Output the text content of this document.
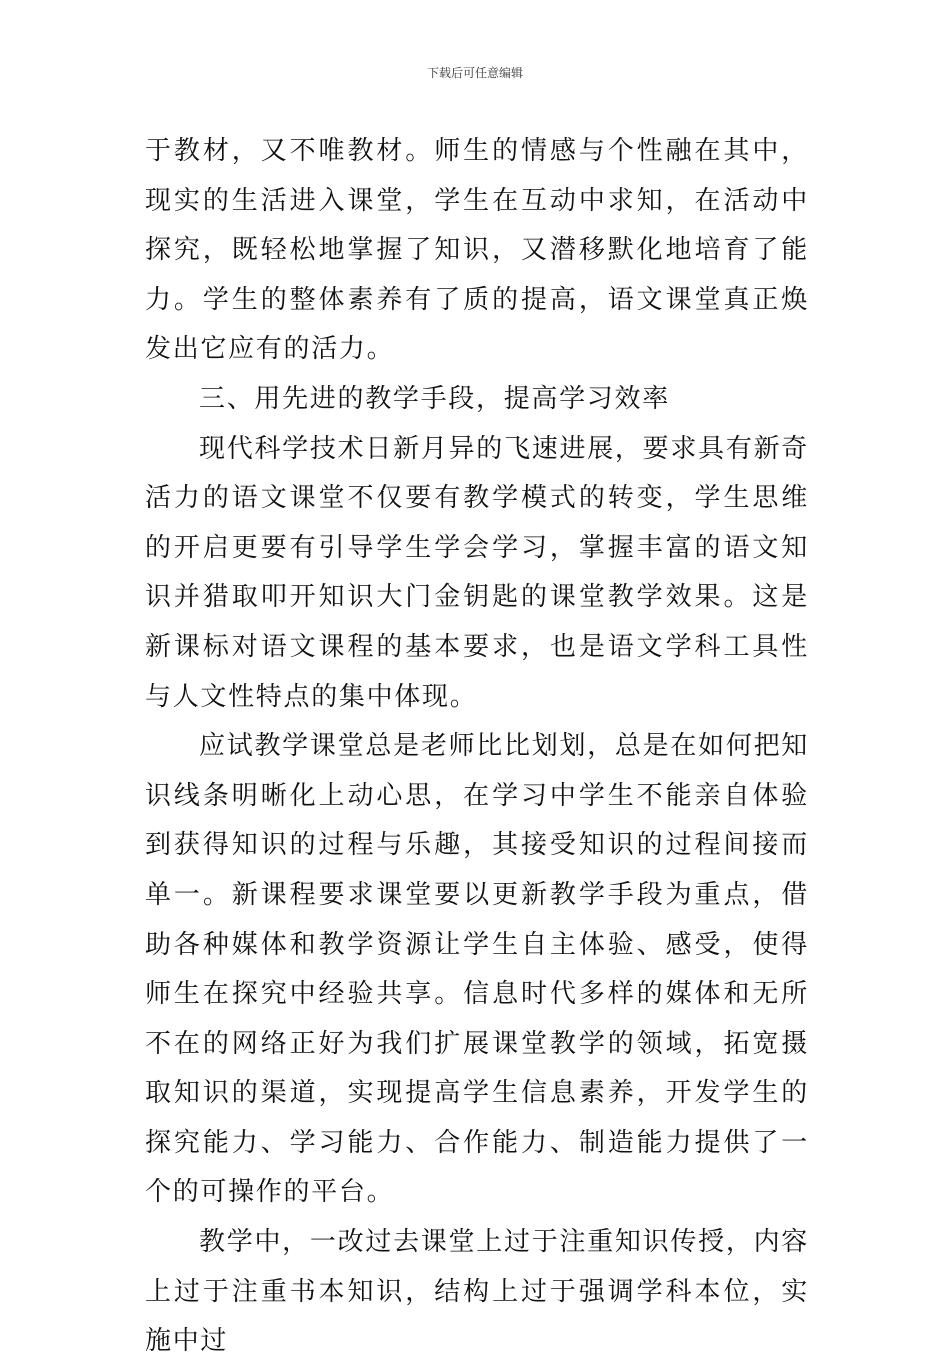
下载后可任意编辑

于教材，又不唯教材。师生的情感与个性融在其中，现实的生活进入课堂，学生在互动中求知，在活动中探究，既轻松地掌握了知识，又潜移默化地培育了能力。学生的整体素养有了质的提高，语文课堂真正焕发出它应有的活力。

三、用先进的教学手段，提高学习效率

现代科学技术日新月异的飞速进展，要求具有新奇活力的语文课堂不仅要有教学模式的转变，学生思维的开启更要有引导学生学会学习，掌握丰富的语文知识并猎取叩开知识大门金钥匙的课堂教学效果。这是新课标对语文课程的基本要求，也是语文学科工具性与人文性特点的集中体现。

应试教学课堂总是老师比比划划，总是在如何把知识线条明晰化上动心思，在学习中学生不能亲自体验到获得知识的过程与乐趣，其接受知识的过程间接而单一。新课程要求课堂要以更新教学手段为重点，借助各种媒体和教学资源让学生自主体验、感受，使得师生在探究中经验共享。信息时代多样的媒体和无所不在的网络正好为我们扩展课堂教学的领域，拓宽摄取知识的渠道，实现提高学生信息素养，开发学生的探究能力、学习能力、合作能力、制造能力提供了一个的可操作的平台。

教学中，一改过去课堂上过于注重知识传授，内容上过于注重书本知识，结构上过于强调学科本位，实施中过
